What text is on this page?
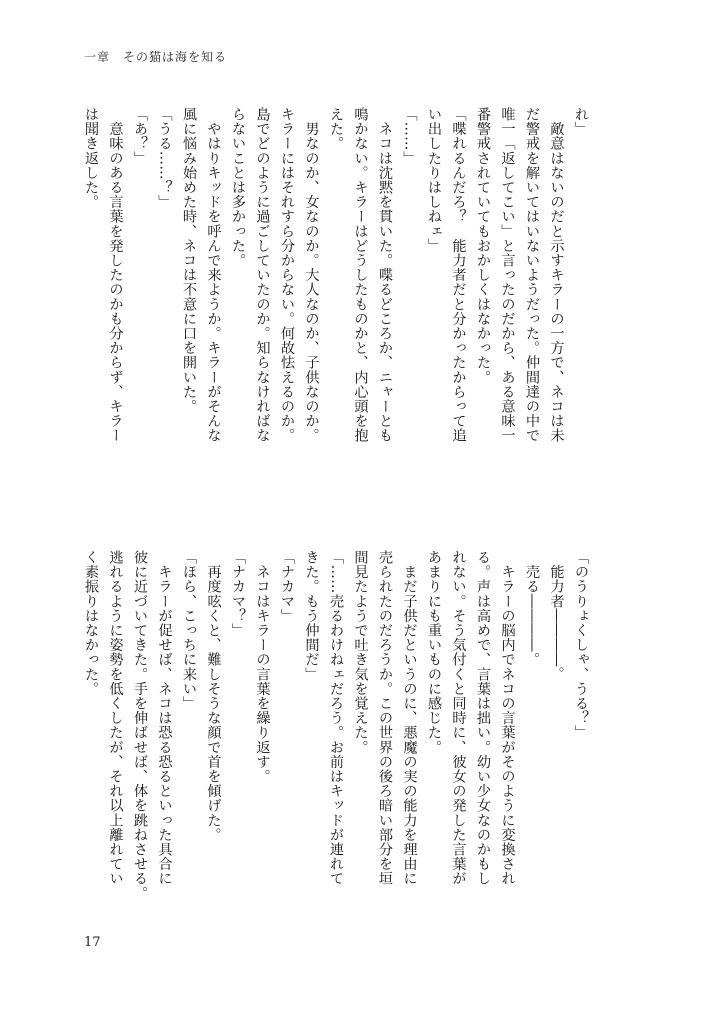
一章　その猫は海を知る
れ」
　敵意はないのだと示すキラーの一方で、ネコは未
だ警戒を解いてはいないようだった。仲間達の中で
唯一「返してこい」と言ったのだから、ある意味一
番警戒されていてもおかしくはなかった。
「喋れるんだろ？　能力者だと分かったからって追
い出したりはしねェ」
「……」
　ネコは沈黙を貫いた。喋るどころか、ニャーとも
鳴かない。キラーはどうしたものかと、内心頭を抱
えた。
　男なのか、女なのか。大人なのか、子供なのか。
キラーにはそれすら分からない。何故怯えるのか。
島でどのように過ごしていたのか。知らなければな
らないことは多かった。
　やはりキッドを呼んで来ようか。キラーがそんな
風に悩み始めた時、ネコは不意に口を開いた。
「うる……？」
「あ？」
　意味のある言葉を発したのかも分からず、キラー
は聞き返した。
「のうりょくしゃ、うる？」
　能力者――――。
　売る――――。
　キラーの脳内でネコの言葉がそのように変換され
る。声は高めで、言葉は拙い。幼い少女なのかもし
れない。そう気付くと同時に、彼女の発した言葉が
あまりにも重いものに感じた。
　まだ子供だというのに、悪魔の実の能力を理由に
売られたのだろうか。この世界の後ろ暗い部分を垣
間見たようで吐き気を覚えた。
「……売るわけねェだろう。お前はキッドが連れて
きた。もう仲間だ」
「ナカマ」
　ネコはキラーの言葉を繰り返す。
「ナカマ？」
　再度呟くと、難しそうな顔で首を傾げた。
「ほら、こっちに来い」
　キラーが促せば、ネコは恐る恐るといった具合に
彼に近づいてきた。手を伸ばせば、体を跳ねさせる。
逃れるように姿勢を低くしたが、それ以上離れてい
く素振りはなかった。
17
